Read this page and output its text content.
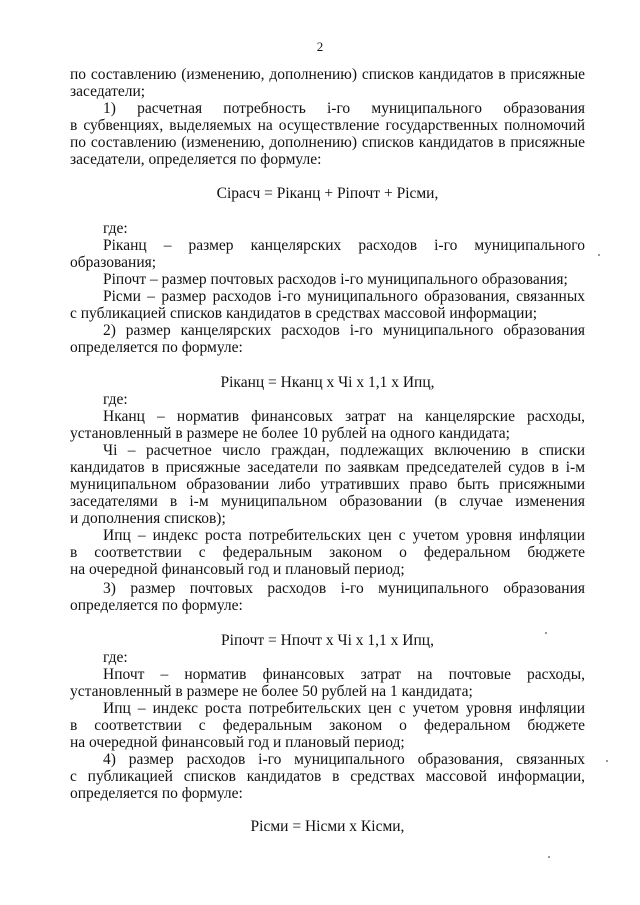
2
по составлению (изменению, дополнению) списков кандидатов в присяжные
заседатели;
1) расчетная потребность i-го муниципального образования
в субвенциях, выделяемых на осуществление государственных полномочий
по составлению (изменению, дополнению) списков кандидатов в присяжные
заседатели, определяется по формуле:
Сiрасч = Рiканц + Рiпочт + Рiсми,
где:
Рiканц – размер канцелярских расходов i-го муниципального
образования;
Рiпочт – размер почтовых расходов i-го муниципального образования;
Рiсми – размер расходов i-го муниципального образования, связанных
с публикацией списков кандидатов в средствах массовой информации;
2) размер канцелярских расходов i-го муниципального образования
определяется по формуле:
Рiканц = Нканц х Чi х 1,1 х Ипц,
где:
Нканц – норматив финансовых затрат на канцелярские расходы,
установленный в размере не более 10 рублей на одного кандидата;
Чi – расчетное число граждан, подлежащих включению в списки
кандидатов в присяжные заседатели по заявкам председателей судов в i-м
муниципальном образовании либо утративших право быть присяжными
заседателями в i-м муниципальном образовании (в случае изменения
и дополнения списков);
Ипц – индекс роста потребительских цен с учетом уровня инфляции
в соответствии с федеральным законом о федеральном бюджете
на очередной финансовый год и плановый период;
3) размер почтовых расходов i-го муниципального образования
определяется по формуле:
Рiпочт = Нпочт х Чi х 1,1 х Ипц,
где:
Нпочт – норматив финансовых затрат на почтовые расходы,
установленный в размере не более 50 рублей на 1 кандидата;
Ипц – индекс роста потребительских цен с учетом уровня инфляции
в соответствии с федеральным законом о федеральном бюджете
на очередной финансовый год и плановый период;
4) размер расходов i-го муниципального образования, связанных
с публикацией списков кандидатов в средствах массовой информации,
определяется по формуле:
Рiсми = Нiсми х Кiсми,
